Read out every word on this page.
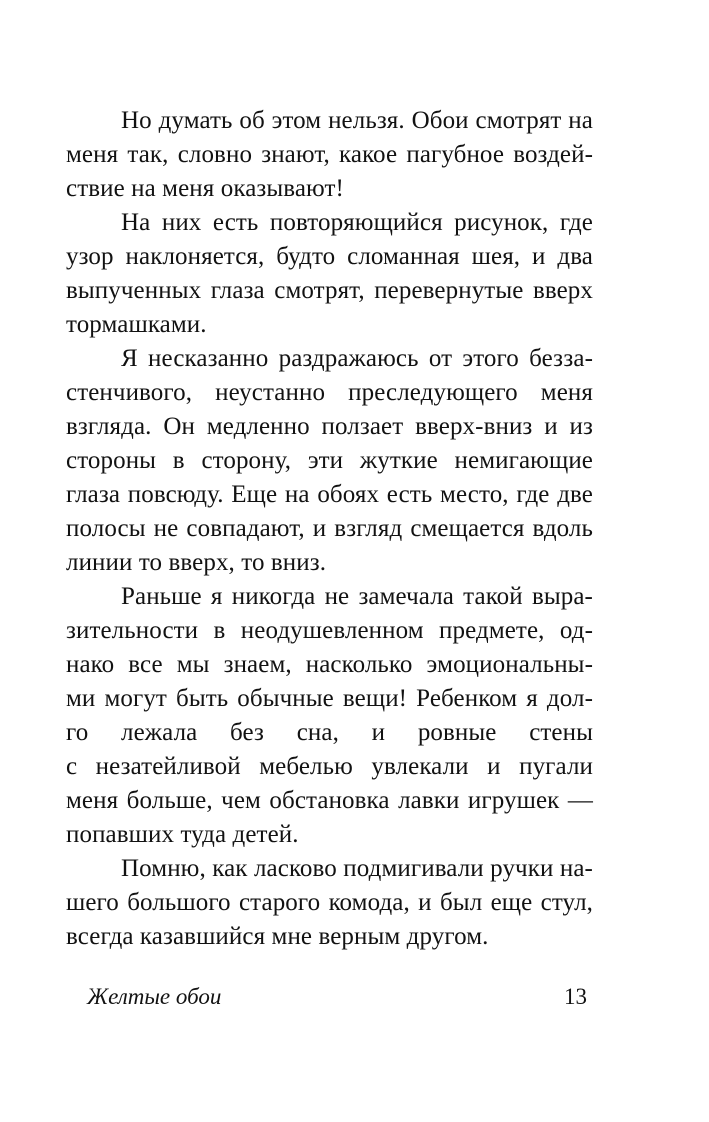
Но думать об этом нельзя. Обои смотрят на
меня так, словно знают, какое пагубное воздей-
ствие на меня оказывают!
На них есть повторяющийся рисунок, где
узор наклоняется, будто сломанная шея, и два
выпученных глаза смотрят, перевернутые вверх
тормашками.
Я несказанно раздражаюсь от этого безза-
стенчивого, неустанно преследующего меня
взгляда. Он медленно ползает вверх-вниз и из
стороны в сторону, эти жуткие немигающие
глаза повсюду. Еще на обоях есть место, где две
полосы не совпадают, и взгляд смещается вдоль
линии то вверх, то вниз.
Раньше я никогда не замечала такой выра-
зительности в неодушевленном предмете, од-
нако все мы знаем, насколько эмоциональны-
ми могут быть обычные вещи! Ребенком я дол-
го лежала без сна, и ровные стены
с незатейливой мебелью увлекали и пугали
меня больше, чем обстановка лавки игрушек —
попавших туда детей.
Помню, как ласково подмигивали ручки на-
шего большого старого комода, и был еще стул,
всегда казавшийся мне верным другом.
Желтые обои	13
